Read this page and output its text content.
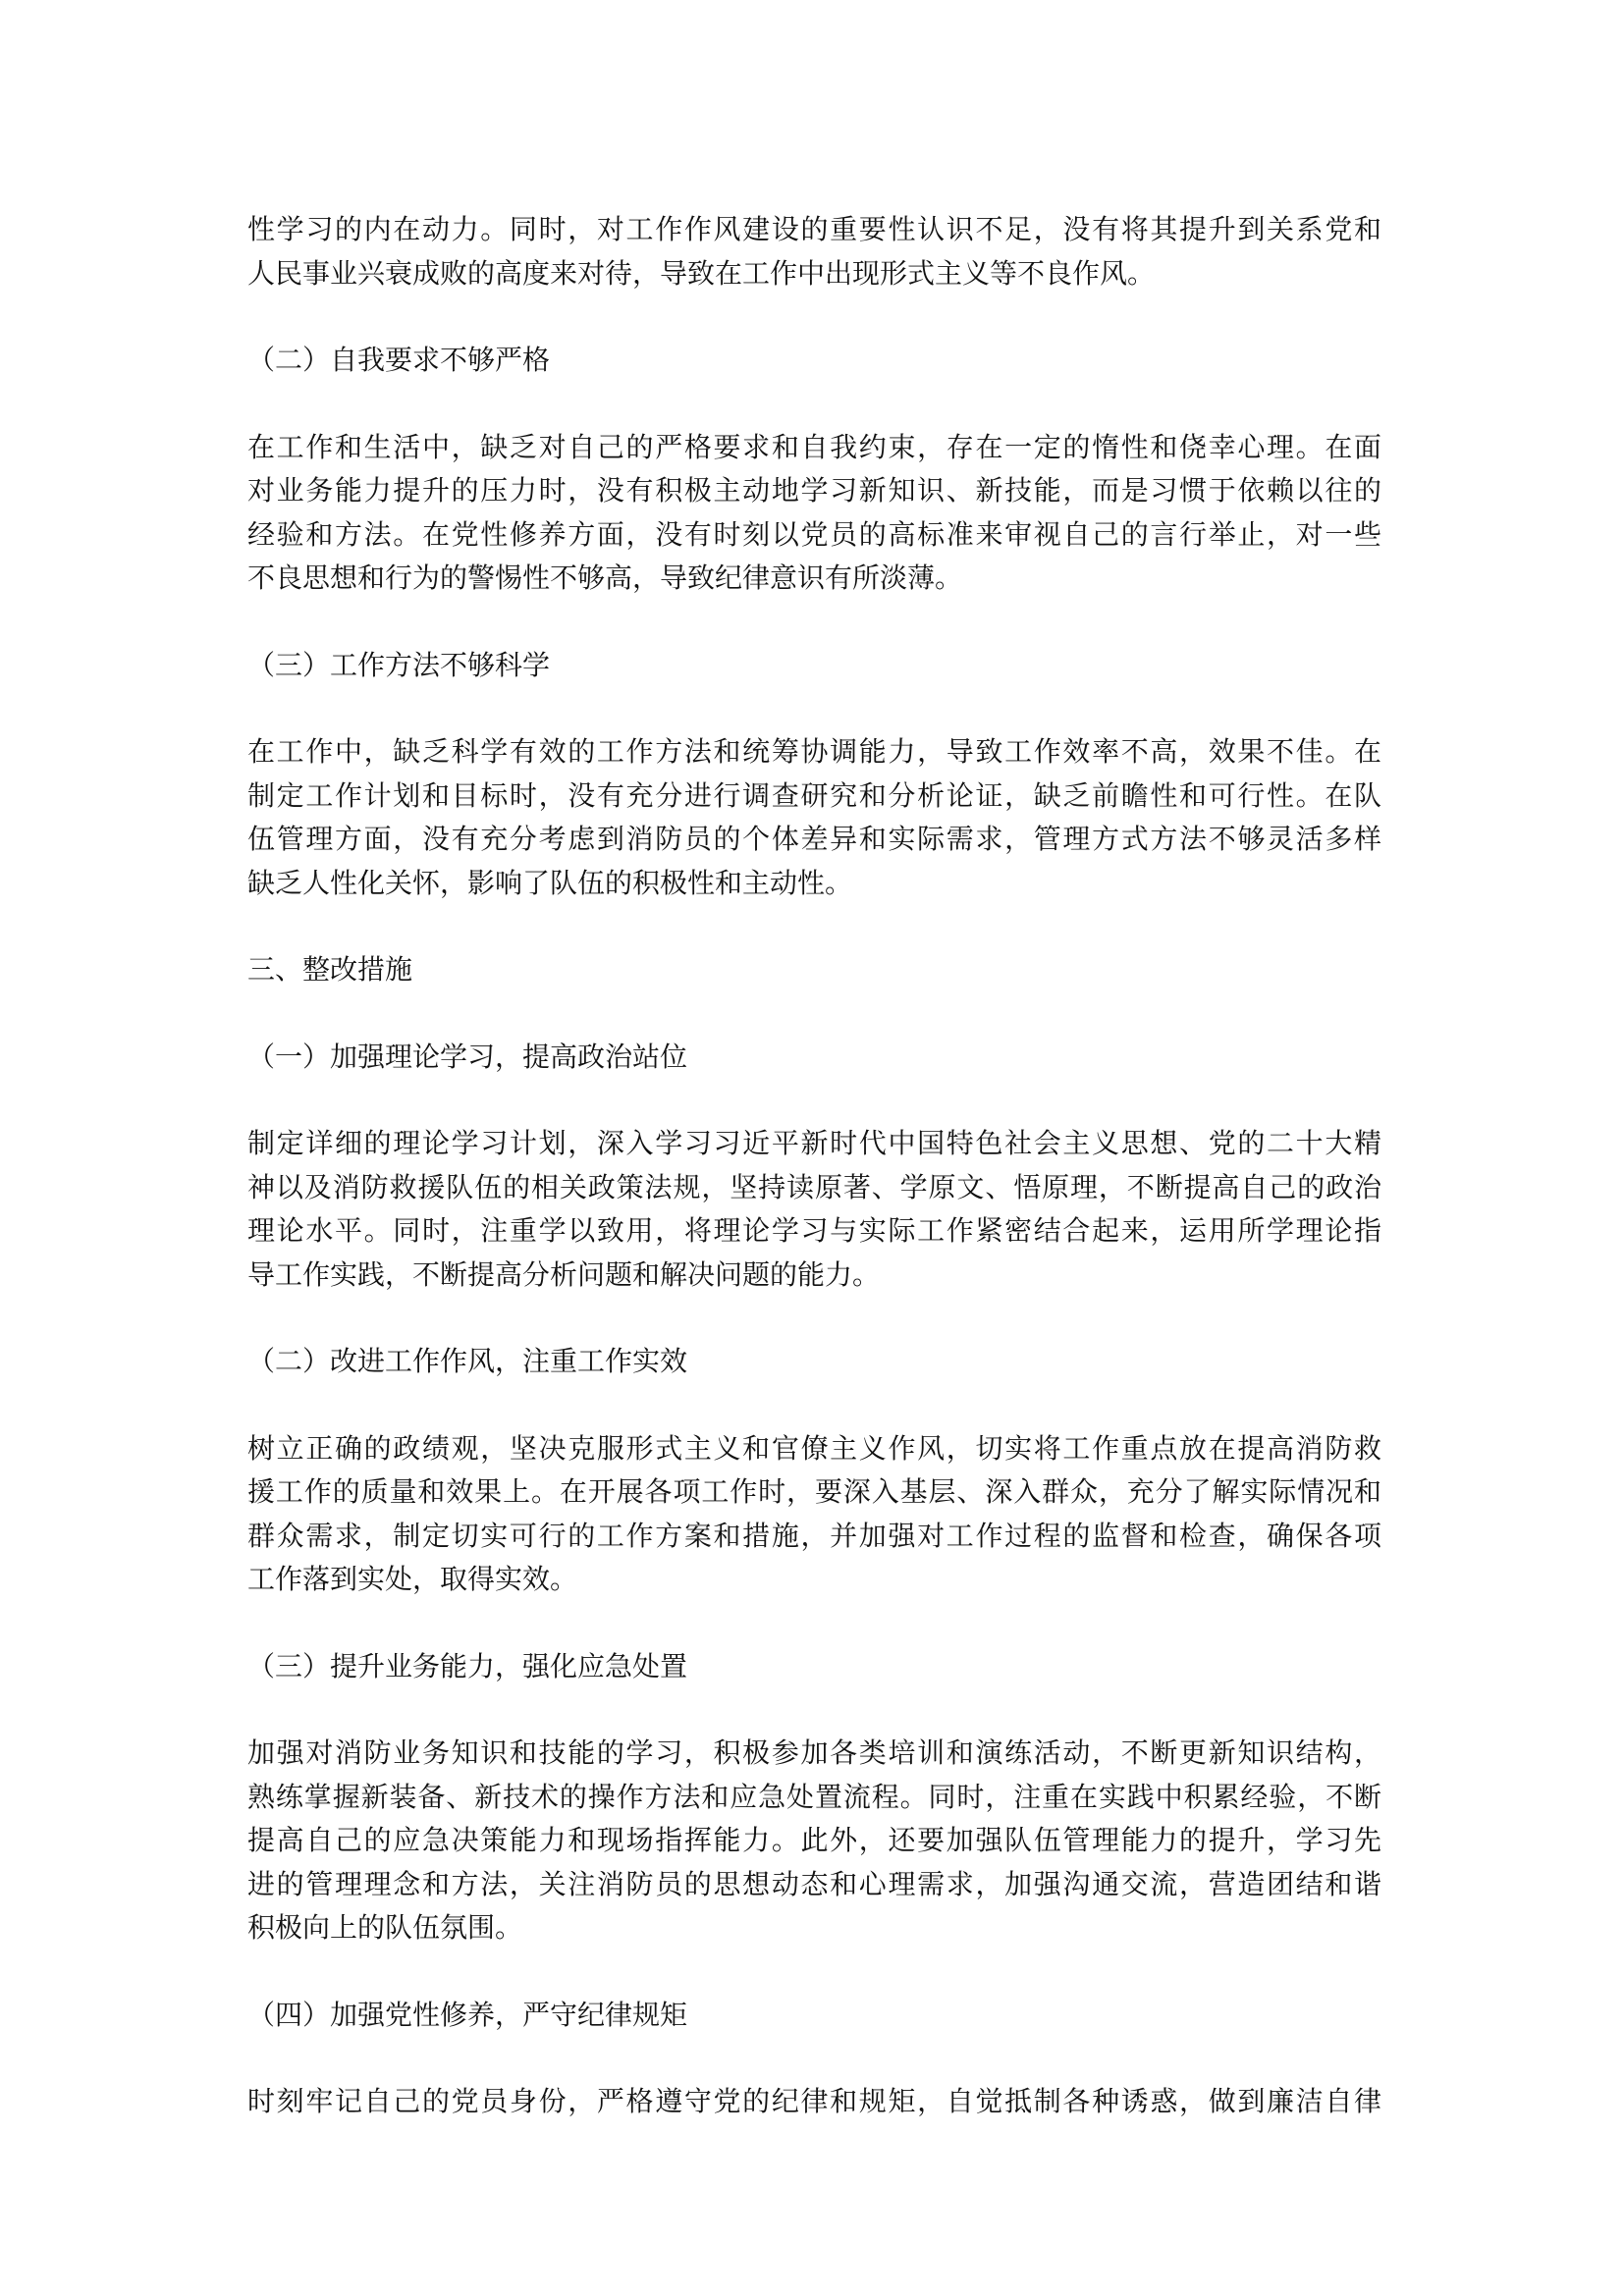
性学习的内在动力。同时，对工作作风建设的重要性认识不足，没有将其提升到关系党和
人民事业兴衰成败的高度来对待，导致在工作中出现形式主义等不良作风。
（二）自我要求不够严格
在工作和生活中，缺乏对自己的严格要求和自我约束，存在一定的惰性和侥幸心理。在面
对业务能力提升的压力时，没有积极主动地学习新知识、新技能，而是习惯于依赖以往的
经验和方法。在党性修养方面，没有时刻以党员的高标准来审视自己的言行举止，对一些
不良思想和行为的警惕性不够高，导致纪律意识有所淡薄。
（三）工作方法不够科学
在工作中，缺乏科学有效的工作方法和统筹协调能力，导致工作效率不高，效果不佳。在
制定工作计划和目标时，没有充分进行调查研究和分析论证，缺乏前瞻性和可行性。在队
伍管理方面，没有充分考虑到消防员的个体差异和实际需求，管理方式方法不够灵活多样
缺乏人性化关怀，影响了队伍的积极性和主动性。
三、整改措施
（一）加强理论学习，提高政治站位
制定详细的理论学习计划，深入学习习近平新时代中国特色社会主义思想、党的二十大精
神以及消防救援队伍的相关政策法规，坚持读原著、学原文、悟原理，不断提高自己的政治
理论水平。同时，注重学以致用，将理论学习与实际工作紧密结合起来，运用所学理论指
导工作实践，不断提高分析问题和解决问题的能力。
（二）改进工作作风，注重工作实效
树立正确的政绩观，坚决克服形式主义和官僚主义作风，切实将工作重点放在提高消防救
援工作的质量和效果上。在开展各项工作时，要深入基层、深入群众，充分了解实际情况和
群众需求，制定切实可行的工作方案和措施，并加强对工作过程的监督和检查，确保各项
工作落到实处，取得实效。
（三）提升业务能力，强化应急处置
加强对消防业务知识和技能的学习，积极参加各类培训和演练活动，不断更新知识结构，
熟练掌握新装备、新技术的操作方法和应急处置流程。同时，注重在实践中积累经验，不断
提高自己的应急决策能力和现场指挥能力。此外，还要加强队伍管理能力的提升，学习先
进的管理理念和方法，关注消防员的思想动态和心理需求，加强沟通交流，营造团结和谐
积极向上的队伍氛围。
（四）加强党性修养，严守纪律规矩
时刻牢记自己的党员身份，严格遵守党的纪律和规矩，自觉抵制各种诱惑，做到廉洁自律
